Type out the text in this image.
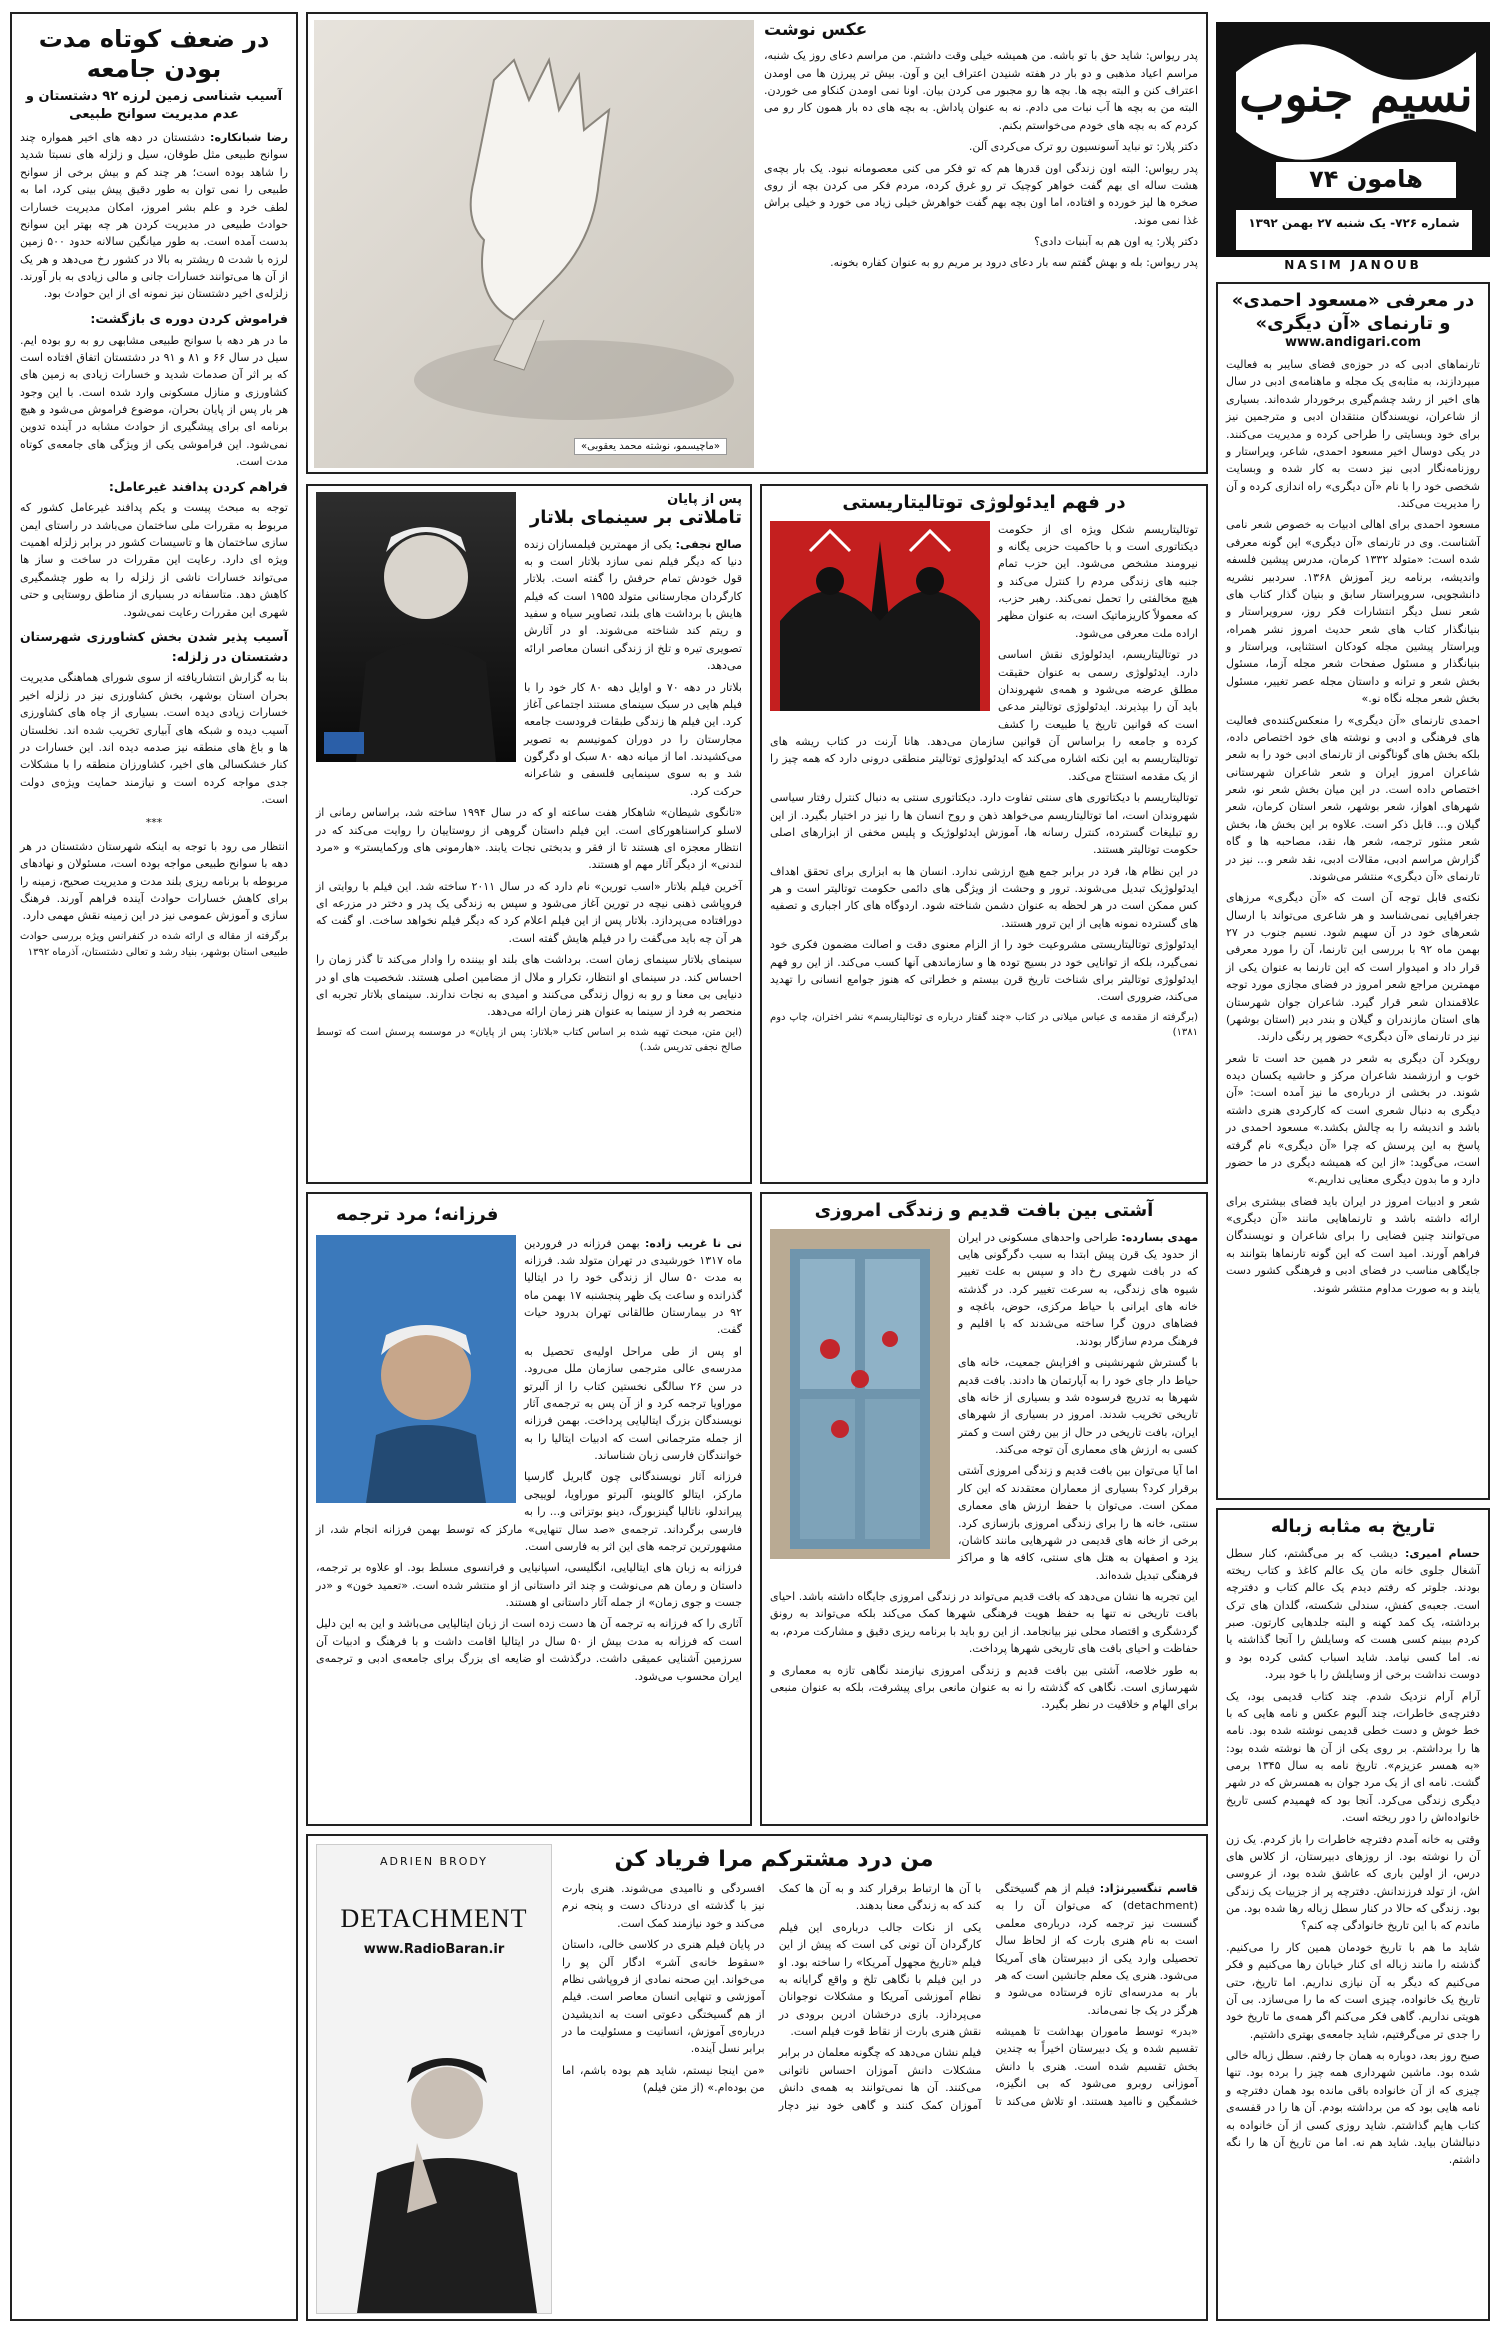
نسیم جنوب
هامون ۷۴
شماره ۷۲۶- یک شنبه ۲۷ بهمن ۱۳۹۲
NASIM JANOUB
در معرفی «مسعود احمدی» و تارنمای «آن دیگری»
www.andigari.com

تارنماهای ادبی که در حوزه‌ی فضای سایبر به فعالیت مبپردازند، به مثابه‌ی یک مجله و ماهنامه‌ی ادبی در سال های اخیر از رشد چشم‌گیری برخوردار شده‌اند. بسیاری از شاعران، نویسندگان منتقدان ادبی و مترجمین نیز برای خود وبسایتی را طراحی کرده و مدیریت می‌کنند. در یکی دوسال اخیر مسعود احمدی، شاعر، ویراستار و روزنامه‌نگار ادبی نیز دست به کار شده و وبسایت شخصی خود را با نام «آن دیگری» راه اندازی کرده و آن را مدیریت می‌کند.

مسعود احمدی برای اهالی ادبیات به خصوص شعر نامی آشناست. وی در تارنمای «آن دیگری» این گونه معرفی شده است: «متولد ۱۳۳۲ کرمان، مدرس پیشین فلسفه واندیشه، برنامه ریز آموزش ۱۳۶۸. سردبیر نشریه دانشجویی، سرویراستار سابق و بنیان گذار کتاب های شعر نسل دیگر انتشارات فکر روز، سرویراستار و بنیانگذار کتاب های شعر حدیث امروز نشر همراه، ویراستار پیشین مجله کودکان استثنایی، ویراستار و بنیانگذار و مسئول صفحات شعر مجله آزما، مسئول بخش شعر و ترانه و داستان مجله عصر تغییر، مسئول بخش شعر مجله نگاه نو.»

احمدی تارنمای «آن دیگری» را منعکس‌کننده‌ی فعالیت های فرهنگی و ادبی و نوشته های خود اختصاص داده، بلکه بخش های گوناگونی از تارنمای ادبی خود را به شعر شاعران امروز ایران و شعر شاعران شهرستانی اختصاص داده است. در این میان بخش شعر نو، شعر شهرهای اهواز، شعر بوشهر، شعر استان کرمان، شعر گیلان و... قابل ذکر است. علاوه بر این بخش ها، بخش شعر منثور ترجمه، شعر ها، نقد، مصاحبه ها و گاه گزارش مراسم ادبی، مقالات ادبی، نقد شعر و... نیز در تارنمای «آن دیگری» منتشر می‌شوند.

نکته‌ی قابل توجه آن است که «آن دیگری» مرزهای جغرافیایی نمی‌شناسد و هر شاعری می‌تواند با ارسال شعرهای خود در آن سهیم شود. نسیم جنوب در ۲۷ بهمن ماه ۹۲ با بررسی این تارنما، آن را مورد معرفی قرار داد و امیدوار است که این تارنما به عنوان یکی از مهمترین مراجع شعر امروز در فضای مجازی مورد توجه علاقمندان شعر قرار گیرد. شاعران جوان شهرستان های استان مازندران و گیلان و بندر دیر (استان بوشهر) نیز در تارنمای «آن دیگری» حضور پر رنگی دارند.

رویکرد آن دیگری به شعر در همین حد است تا شعر خوب و ارزشمند شاعران مرکز و حاشیه یکسان دیده شوند. در بخشی از درباره‌ی ما نیز آمده است: «آن دیگری به دنبال شعری است که کارکردی هنری داشته باشد و اندیشه را به چالش بکشد.» مسعود احمدی در پاسخ به این پرسش که چرا «آن دیگری» نام گرفته است، می‌گوید: «از این که همیشه دیگری در ما حضور دارد و ما بدون دیگری معنایی نداریم.»

شعر و ادبیات امروز در ایران باید فضای بیشتری برای ارائه داشته باشد و تارنماهایی مانند «آن دیگری» می‌توانند چنین فضایی را برای شاعران و نویسندگان فراهم آورند. امید است که این گونه تارنماها بتوانند به جایگاهی مناسب در فضای ادبی و فرهنگی کشور دست یابند و به صورت مداوم منتشر شوند.

تاریخ به مثابه زباله

حسام امیری: دیشب که بر می‌گشتم، کنار سطل آشغال جلوی خانه مان یک عالم کاغذ و کتاب ریخته بودند. جلوتر که رفتم دیدم یک عالم کتاب و دفترچه است. جعبه‌ی کفش، سندلی شکسته، گلدان های ترک برداشته، یک کمد کهنه و البته جلد‌هایی کارتون. صبر کردم ببینم کسی هست که وسایلش را آنجا گذاشته یا نه. اما کسی نیامد. شاید اسباب کشی کرده بود و دوست نداشت برخی از وسایلش را با خود ببرد.

آرام آرام نزدیک شدم. چند کتاب قدیمی بود، یک دفترچه‌ی خاطرات، چند آلبوم عکس و نامه هایی که با خط خوش و دست خطی قدیمی نوشته شده بود. نامه ها را برداشتم. بر روی یکی از آن ها نوشته شده بود: «به همسر عزیزم». تاریخ نامه به سال ۱۳۴۵ برمی گشت. نامه ای از یک مرد جوان به همسرش که در شهر دیگری زندگی می‌کرد. آنجا بود که فهمیدم کسی تاریخ خانواده‌اش را دور ریخته است.

وقتی به خانه آمدم دفترچه خاطرات را باز کردم. یک زن آن را نوشته بود. از روزهای دبیرستان، از کلاس های درس، از اولین باری که عاشق شده بود، از عروسی اش، از تولد فرزندانش. دفترچه پر از جزییات یک زندگی بود. زندگی که حالا در کنار سطل زباله رها شده بود. من ماندم که با این تاریخ خانوادگی چه کنم؟

شاید ما هم با تاریخ خودمان همین کار را می‌کنیم. گذشته را مانند زباله ای کنار خیابان رها می‌کنیم و فکر می‌کنیم که دیگر به آن نیازی نداریم. اما تاریخ، حتی تاریخ یک خانواده، چیزی است که ما را می‌سازد. بی آن هویتی نداریم. گاهی فکر می‌کنم اگر همه‌ی ما تاریخ خود را جدی تر می‌گرفتیم، شاید جامعه‌ی بهتری داشتیم.

صبح روز بعد، دوباره به همان جا رفتم. سطل زباله خالی شده بود. ماشین شهرداری همه چیز را برده بود. تنها چیزی که از آن خانواده باقی مانده بود همان دفترچه و نامه هایی بود که من برداشته بودم. آن ها را در قفسه‌ی کتاب هایم گذاشتم. شاید روزی کسی از آن خانواده به دنبالشان بیاید. شاید هم نه. اما من تاریخ آن ها را نگه داشتم.

«ماچیسمو، نوشته محمد یعقوبی»
عکس نوشت

پدر ریواس: شاید حق با تو باشه. من همیشه خیلی وقت داشتم. من مراسم دعای روز یک شنبه، مراسم اعیاد مذهبی و دو بار در هفته شنیدن اعتراف این و آون. بیش تر پیرزن ها می اومدن اعتراف کنن و البته بچه ها. بچه ها رو مجبور می کردن بیان. اونا نمی اومدن کنکاو می خوردن. البته من به بچه ها آب نبات می دادم. نه به عنوان پاداش. به بچه های ده بار همون کار رو می کردم که به بچه های خودم می‌خواستم بکنم.

دکتر پلار: تو نباید آسونسیون رو ترک می‌کردی آلن.

پدر ریواس: البته اون زندگی اون قدرها هم که تو فکر می کنی معصومانه نبود. یک بار بچه‌ی هشت ساله ای بهم گفت خواهر کوچیک تر رو غرق کرده، مردم فکر می کردن بچه از روی صخره ها لیز خورده و افتاده، اما اون بچه بهم گفت خواهرش خیلی زیاد می خورد و خیلی براش غذا نمی موند.

دکتر پلار: یه اون هم به آبنبات دادی؟

پدر ریواس: بله و بهش گفتم سه بار دعای درود بر مریم رو به عنوان کفاره بخونه.

در فهم ایدئولوژی توتالیتاریستی

توتالیتاریسم شکل ویژه ای از حکومت دیکتاتوری است و با حاکمیت حزبی یگانه و نیرومند مشخص می‌شود. این حزب تمام جنبه های زندگی مردم را کنترل می‌کند و هیچ مخالفتی را تحمل نمی‌کند. رهبر حزب، که معمولاً کاریزماتیک است، به عنوان مظهر اراده ملت معرفی می‌شود.

در توتالیتاریسم، ایدئولوژی نقش اساسی دارد. ایدئولوژی رسمی به عنوان حقیقت مطلق عرضه می‌شود و همه‌ی شهروندان باید آن را بپذیرند. ایدئولوژی توتالیتر مدعی است که قوانین تاریخ یا طبیعت را کشف کرده و جامعه را براساس آن قوانین سازمان می‌دهد. هانا آرنت در کتاب ریشه های توتالیتاریسم به این نکته اشاره می‌کند که ایدئولوژی توتالیتر منطقی درونی دارد که همه چیز را از یک مقدمه استنتاج می‌کند.

توتالیتاریسم با دیکتاتوری های سنتی تفاوت دارد. دیکتاتوری سنتی به دنبال کنترل رفتار سیاسی شهروندان است، اما توتالیتاریسم می‌خواهد ذهن و روح انسان ها را نیز در اختیار بگیرد. از این رو تبلیغات گسترده، کنترل رسانه ها، آموزش ایدئولوژیک و پلیس مخفی از ابزارهای اصلی حکومت توتالیتر هستند.

در این نظام ها، فرد در برابر جمع هیچ ارزشی ندارد. انسان ها به ابزاری برای تحقق اهداف ایدئولوژیک تبدیل می‌شوند. ترور و وحشت از ویژگی های دائمی حکومت توتالیتر است و هر کس ممکن است در هر لحظه به عنوان دشمن شناخته شود. اردوگاه های کار اجباری و تصفیه های گسترده نمونه هایی از این ترور هستند.

ایدئولوژی توتالیتاریستی مشروعیت خود را از الزام معنوی دقت و اصالت مضمون فکری خود نمی‌گیرد، بلکه از توانایی خود در بسیج توده ها و سازماندهی آنها کسب می‌کند. از این رو فهم ایدئولوژی توتالیتر برای شناخت تاریخ قرن بیستم و خطراتی که هنوز جوامع انسانی را تهدید می‌کند، ضروری است.

(برگرفته از مقدمه ی عباس میلانی در کتاب «چند گفتار درباره ی توتالیتاریسم» نشر اختران، چاپ دوم ۱۳۸۱)

پس از پایان
تاملاتی بر سینمای بلاتار

صالح نجفی: یکی از مهمترین فیلمسازان زنده دنیا که دیگر فیلم نمی سازد بلاتار است و به قول خودش تمام حرفش را گفته است. بلاتار کارگردان مجارستانی متولد ۱۹۵۵ است که فیلم هایش با برداشت های بلند، تصاویر سیاه و سفید و ریتم کند شناخته می‌شوند. او در آثارش تصویری تیره و تلخ از زندگی انسان معاصر ارائه می‌دهد.

بلاتار در دهه ۷۰ و اوایل دهه ۸۰ کار خود را با فیلم هایی در سبک سینمای مستند اجتماعی آغاز کرد. این فیلم ها زندگی طبقات فرودست جامعه مجارستان را در دوران کمونیسم به تصویر می‌کشیدند. اما از میانه دهه ۸۰ سبک او دگرگون شد و به سوی سینمایی فلسفی و شاعرانه حرکت کرد.

«تانگوی شیطان» شاهکار هفت ساعته او که در سال ۱۹۹۴ ساخته شد، براساس رمانی از لاسلو کراسناهورکای است. این فیلم داستان گروهی از روستاییان را روایت می‌کند که در انتظار معجزه ای هستند تا از فقر و بدبختی نجات یابند. «هارمونی های ورکمایستر» و «مرد لندنی» از دیگر آثار مهم او هستند.

آخرین فیلم بلاتار «اسب تورین» نام دارد که در سال ۲۰۱۱ ساخته شد. این فیلم با روایتی از فروپاشی ذهنی نیچه در تورین آغاز می‌شود و سپس به زندگی یک پدر و دختر در مزرعه ای دورافتاده می‌پردازد. بلاتار پس از این فیلم اعلام کرد که دیگر فیلم نخواهد ساخت. او گفت که هر آن چه باید می‌گفت را در فیلم هایش گفته است.

سینمای بلاتار سینمای زمان است. برداشت های بلند او بیننده را وادار می‌کند تا گذر زمان را احساس کند. در سینمای او انتظار، تکرار و ملال از مضامین اصلی هستند. شخصیت های او در دنیایی بی معنا و رو به زوال زندگی می‌کنند و امیدی به نجات ندارند. سینمای بلاتار تجربه ای منحصر به فرد از سینما به عنوان هنر زمان ارائه می‌دهد.

(این متن، مبحث تهیه شده بر اساس کتاب «بلاتار: پس از پایان» در موسسه پرسش است که توسط صالح نجفی تدریس شد.)

آشتی بین بافت قدیم و زندگی امروزی

مهدی بسارده: طراحی واحدهای مسکونی در ایران از حدود یک قرن پیش ابتدا به سبب دگرگونی هایی که در بافت شهری رخ داد و سپس به علت تغییر شیوه های زندگی، به سرعت تغییر کرد. در گذشته خانه های ایرانی با حیاط مرکزی، حوض، باغچه و فضاهای درون گرا ساخته می‌شدند که با اقلیم و فرهنگ مردم سازگار بودند.

با گسترش شهرنشینی و افزایش جمعیت، خانه های حیاط دار جای خود را به آپارتمان ها دادند. بافت قدیم شهرها به تدریج فرسوده شد و بسیاری از خانه های تاریخی تخریب شدند. امروز در بسیاری از شهرهای ایران، بافت تاریخی در حال از بین رفتن است و کمتر کسی به ارزش های معماری آن توجه می‌کند.

اما آیا می‌توان بین بافت قدیم و زندگی امروزی آشتی برقرار کرد؟ بسیاری از معماران معتقدند که این کار ممکن است. می‌توان با حفظ ارزش های معماری سنتی، خانه ها را برای زندگی امروزی بازسازی کرد. برخی از خانه های قدیمی در شهرهایی مانند کاشان، یزد و اصفهان به هتل های سنتی، کافه ها و مراکز فرهنگی تبدیل شده‌اند.

این تجربه ها نشان می‌دهد که بافت قدیم می‌تواند در زندگی امروزی جایگاه داشته باشد. احیای بافت تاریخی نه تنها به حفظ هویت فرهنگی شهرها کمک می‌کند بلکه می‌تواند به رونق گردشگری و اقتصاد محلی نیز بیانجامد. از این رو باید با برنامه ریزی دقیق و مشارکت مردم، به حفاظت و احیای بافت های تاریخی شهرها پرداخت.

به طور خلاصه، آشتی بین بافت قدیم و زندگی امروزی نیازمند نگاهی تازه به معماری و شهرسازی است. نگاهی که گذشته را نه به عنوان مانعی برای پیشرفت، بلکه به عنوان منبعی برای الهام و خلاقیت در نظر بگیرد.

فرزانه؛ مرد ترجمه

نی نا غریب زاده: بهمن فرزانه در فروردین ماه ۱۳۱۷ خورشیدی در تهران متولد شد. فرزانه به مدت ۵۰ سال از زندگی خود را در ایتالیا گذرانده و ساعت یک ظهر پنجشنبه ۱۷ بهمن ماه ۹۲ در بیمارستان طالقانی تهران بدرود حیات گفت.

او پس از طی مراحل اولیه‌ی تحصیل به مدرسه‌ی عالی مترجمی سازمان ملل می‌رود. در سن ۲۶ سالگی نخستین کتاب را از آلبرتو موراویا ترجمه کرد و از آن پس به ترجمه‌ی آثار نویسندگان بزرگ ایتالیایی پرداخت. بهمن فرزانه از جمله مترجمانی است که ادبیات ایتالیا را به خوانندگان فارسی زبان شناساند.

فرزانه آثار نویسندگانی چون گابریل گارسیا مارکز، ایتالو کالوینو، آلبرتو موراویا، لوییجی پیراندلو، ناتالیا گینزبورگ، دینو بوتزاتی و... را به فارسی برگرداند. ترجمه‌ی «صد سال تنهایی» مارکز که توسط بهمن فرزانه انجام شد، از مشهورترین ترجمه های این اثر به فارسی است.

فرزانه به زبان های ایتالیایی، انگلیسی، اسپانیایی و فرانسوی مسلط بود. او علاوه بر ترجمه، داستان و رمان هم می‌نوشت و چند اثر داستانی از او منتشر شده است. «تعمید خون» و «در جست و جوی زمان» از جمله آثار داستانی او هستند.

آثاری را که فرزانه به ترجمه آن ها دست زده است از زبان ایتالیایی می‌باشد و این به این دلیل است که فرزانه به مدت بیش از ۵۰ سال در ایتالیا اقامت داشت و با فرهنگ و ادبیات آن سرزمین آشنایی عمیقی داشت. درگذشت او ضایعه ای بزرگ برای جامعه‌ی ادبی و ترجمه‌ی ایران محسوب می‌شود.

ADRIEN BRODY
DETACHMENT
www.RadioBaran.ir
من درد مشترکم مرا فریاد کن

قاسم تنگسیرنژاد: فیلم از هم گسیختگی (detachment) که می‌توان آن را به گسست نیز ترجمه کرد، درباره‌ی معلمی است به نام هنری بارت که از لحاظ سال تحصیلی وارد یکی از دبیرستان های آمریکا می‌شود. هنری یک معلم جانشین است که هر بار به مدرسه‌ای تازه فرستاده می‌شود و هرگز در یک جا نمی‌ماند.

«بدر» توسط ماموران بهداشت تا همیشه تقسیم شده و یک دبیرستان اخیراً به چندین بخش تقسیم شده است. هنری با دانش آموزانی روبرو می‌شود که بی انگیزه، خشمگین و ناامید هستند. او تلاش می‌کند تا با آن ها ارتباط برقرار کند و به آن ها کمک کند که به زندگی معنا بدهند.

یکی از نکات جالب درباره‌ی این فیلم کارگردان آن تونی کی است که پیش از این فیلم «تاریخ مجهول آمریکا» را ساخته بود. او در این فیلم با نگاهی تلخ و واقع گرایانه به نظام آموزشی آمریکا و مشکلات نوجوانان می‌پردازد. بازی درخشان ادرین برودی در نقش هنری بارت از نقاط قوت فیلم است.

فیلم نشان می‌دهد که چگونه معلمان در برابر مشکلات دانش آموزان احساس ناتوانی می‌کنند. آن ها نمی‌توانند به همه‌ی دانش آموزان کمک کنند و گاهی خود نیز دچار افسردگی و ناامیدی می‌شوند. هنری بارت نیز با گذشته ای دردناک دست و پنجه نرم می‌کند و خود نیازمند کمک است.

در پایان فیلم هنری در کلاسی خالی، داستان «سقوط خانه‌ی آشر» ادگار آلن پو را می‌خواند. این صحنه نمادی از فروپاشی نظام آموزشی و تنهایی انسان معاصر است. فیلم از هم گسیختگی دعوتی است به اندیشیدن درباره‌ی آموزش، انسانیت و مسئولیت ما در برابر نسل آینده.

«من اینجا نیستم، شاید هم بوده باشم، اما من بوده‌ام.» (از متن فیلم)

در ضعف کوتاه مدت بودن جامعه
آسیب شناسی زمین لرزه ۹۲ دشتستان و عدم مدیریت سوانح طبیعی

رضا شبانکاره: دشتستان در دهه های اخیر همواره چند سوانح طبیعی مثل طوفان، سیل و زلزله های نسبتا شدید را شاهد بوده است؛ هر چند کم و بیش برخی از سوانح طبیعی را نمی توان به طور دقیق پیش بینی کرد، اما به لطف خرد و علم بشر امروز، امکان مدیریت خسارات حوادث طبیعی در مدیریت کردن هر چه بهتر این سوانح بدست آمده است. به طور میانگین سالانه حدود ۵۰۰ زمین لرزه با شدت ۵ ریشتر به بالا در کشور رخ می‌دهد و هر یک از آن ها می‌توانند خسارات جانی و مالی زیادی به بار آورند. زلزله‌ی اخیر دشتستان نیز نمونه ای از این حوادث بود.

فراموش کردن دوره ی بازگشت:

ما در هر دهه با سوانح طبیعی مشابهی رو به رو بوده ایم. سیل در سال ۶۶ و ۸۱ و ۹۱ در دشتستان اتفاق افتاده است که بر اثر آن صدمات شدید و خسارات زیادی به زمین های کشاورزی و منازل مسکونی وارد شده است. با این وجود هر بار پس از پایان بحران، موضوع فراموش می‌شود و هیچ برنامه ای برای پیشگیری از حوادث مشابه در آینده تدوین نمی‌شود. این فراموشی یکی از ویژگی های جامعه‌ی کوتاه مدت است.

فراهم کردن پدافند غیرعامل:

توجه به مبحث پیست و یکم پدافند غیرعامل کشور که مربوط به مقررات ملی ساختمان می‌باشد در راستای ایمن سازی ساختمان ها و تاسیسات کشور در برابر زلزله اهمیت ویژه ای دارد. رعایت این مقررات در ساخت و ساز ها می‌تواند خسارات ناشی از زلزله را به طور چشمگیری کاهش دهد. متاسفانه در بسیاری از مناطق روستایی و حتی شهری این مقررات رعایت نمی‌شود.

آسیب پذیر شدن بخش کشاورزی شهرستان دشتستان در زلزله:

بنا به گزارش انتشاریافته از سوی شورای هماهنگی مدیریت بحران استان بوشهر، بخش کشاورزی نیز در زلزله اخیر خسارات زیادی دیده است. بسیاری از چاه های کشاورزی آسیب دیده و شبکه های آبیاری تخریب شده اند. نخلستان ها و باغ های منطقه نیز صدمه دیده اند. این خسارات در کنار خشکسالی های اخیر، کشاورزان منطقه را با مشکلات جدی مواجه کرده است و نیازمند حمایت ویژه‌ی دولت است.

***

انتظار می رود با توجه به اینکه شهرستان دشتستان در هر دهه با سوانح طبیعی مواجه بوده است، مسئولان و نهادهای مربوطه با برنامه ریزی بلند مدت و مدیریت صحیح، زمینه را برای کاهش خسارات حوادث آینده فراهم آورند. فرهنگ سازی و آموزش عمومی نیز در این زمینه نقش مهمی دارد.

برگرفته از مقاله ی ارائه شده در کنفرانس ویژه بررسی حوادث طبیعی استان بوشهر، بنیاد رشد و تعالی دشتستان، آذرماه ۱۳۹۲
